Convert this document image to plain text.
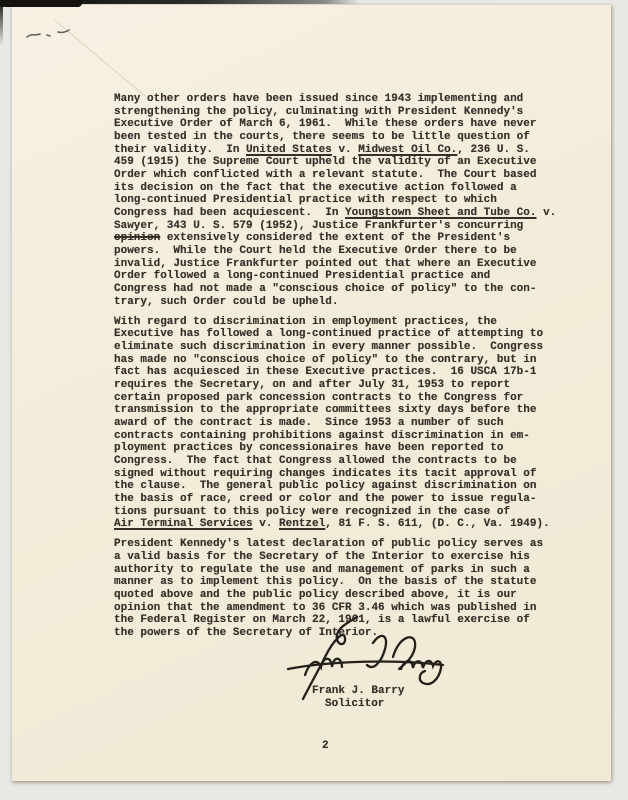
Many other orders have been issued since 1943 implementing and
strengthening the policy, culminating with President Kennedy's
Executive Order of March 6, 1961.  While these orders have never
been tested in the courts, there seems to be little question of
their validity.  In United States v. Midwest Oil Co., 236 U. S.
459 (1915) the Supreme Court upheld the validity of an Executive
Order which conflicted with a relevant statute.  The Court based
its decision on the fact that the executive action followed a
long-continued Presidential practice with respect to which
Congress had been acquiescent.  In Youngstown Sheet and Tube Co. v.
Sawyer, 343 U. S. 579 (1952), Justice Frankfurter's concurring
opinion extensively considered the extent of the President's
powers.  While the Court held the Executive Order there to be
invalid, Justice Frankfurter pointed out that where an Executive
Order followed a long-continued Presidential practice and
Congress had not made a "conscious choice of policy" to the con-
trary, such Order could be upheld.
With regard to discrimination in employment practices, the
Executive has followed a long-continued practice of attempting to
eliminate such discrimination in every manner possible.  Congress
has made no "conscious choice of policy" to the contrary, but in
fact has acquiesced in these Executive practices.  16 USCA 17b-1
requires the Secretary, on and after July 31, 1953 to report
certain proposed park concession contracts to the Congress for
transmission to the appropriate committees sixty days before the
award of the contract is made.  Since 1953 a number of such
contracts containing prohibitions against discrimination in em-
ployment practices by concessionaires have been reported to
Congress.  The fact that Congress allowed the contracts to be
signed without requiring changes indicates its tacit approval of
the clause.  The general public policy against discrimination on
the basis of race, creed or color and the power to issue regula-
tions pursuant to this policy were recognized in the case of
Air Terminal Services v. Rentzel, 81 F. S. 611, (D. C., Va. 1949).
President Kennedy's latest declaration of public policy serves as
a valid basis for the Secretary of the Interior to exercise his
authority to regulate the use and management of parks in such a
manner as to implement this policy.  On the basis of the statute
quoted above and the public policy described above, it is our
opinion that the amendment to 36 CFR 3.46 which was published in
the Federal Register on March 22, 1961, is a lawful exercise of
the powers of the Secretary of Interior.
Frank J. Barry
Solicitor
2
